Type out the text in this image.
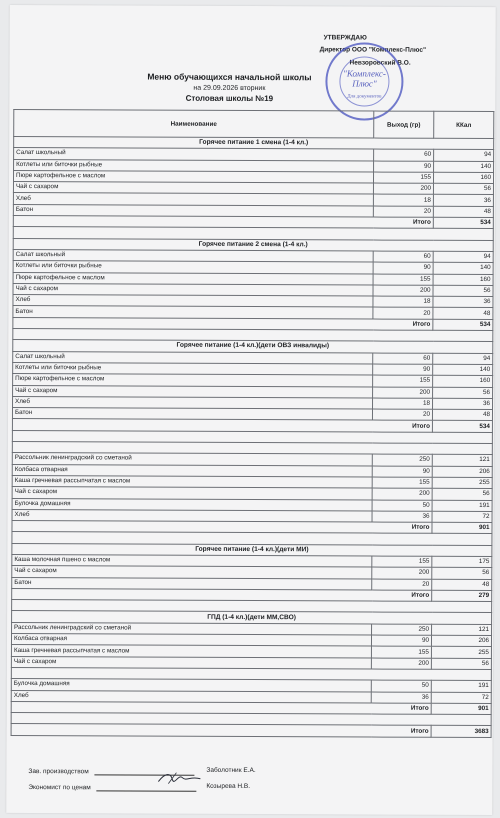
УТВЕРЖДАЮ
Директор ООО "Комплекс-Плюс"
Невзоровский В.О.
"Комплекс-
Плюс"
Для документов
Меню обучающихся начальной школы
на 29.09.2026 вторник
Столовая школы №19
Наименование	Выход (гр)	ККал
Горячее питание 1 смена (1-4 кл.)		
Салат школьный	60	94
Котлеты или биточки рыбные	90	140
Пюре картофельное с маслом	155	160
Чай с сахаром	200	56
Хлеб	18	36
Батон	20	48
Итого		534

Горячее питание 2 смена (1-4 кл.)		
Салат школьный	60	94
Котлеты или биточки рыбные	90	140
Пюре картофельное с маслом	155	160
Чай с сахаром	200	56
Хлеб	18	36
Батон	20	48
Итого		534

Горячее питание (1-4 кл.)(дети ОВЗ инвалиды)		
Салат школьный	60	94
Котлеты или биточки рыбные	90	140
Пюре картофельное с маслом	155	160
Чай с сахаром	200	56
Хлеб	18	36
Батон	20	48
Итого		534

Рассольник ленинградский со сметаной	250	121
Колбаса отварная	90	206
Каша гречневая рассыпчатая с маслом	155	255
Чай с сахаром	200	56
Булочка домашняя	50	191
Хлеб	36	72
Итого		901

Горячее питание (1-4 кл.)(дети МИ)		
Каша молочная пшено с маслом	155	175
Чай с сахаром	200	56
Батон	20	48
Итого		279

ГПД (1-4 кл.)(дети ММ,СВО)		
Рассольник ленинградский со сметаной	250	121
Колбаса отварная	90	206
Каша гречневая рассыпчатая с маслом	155	255
Чай с сахаром	200	56

Булочка домашняя	50	191
Хлеб	36	72
Итого		901

Итого		3683
Зав. производством	Заболотник Е.А.
Экономист по ценам	Козырева Н.В.
